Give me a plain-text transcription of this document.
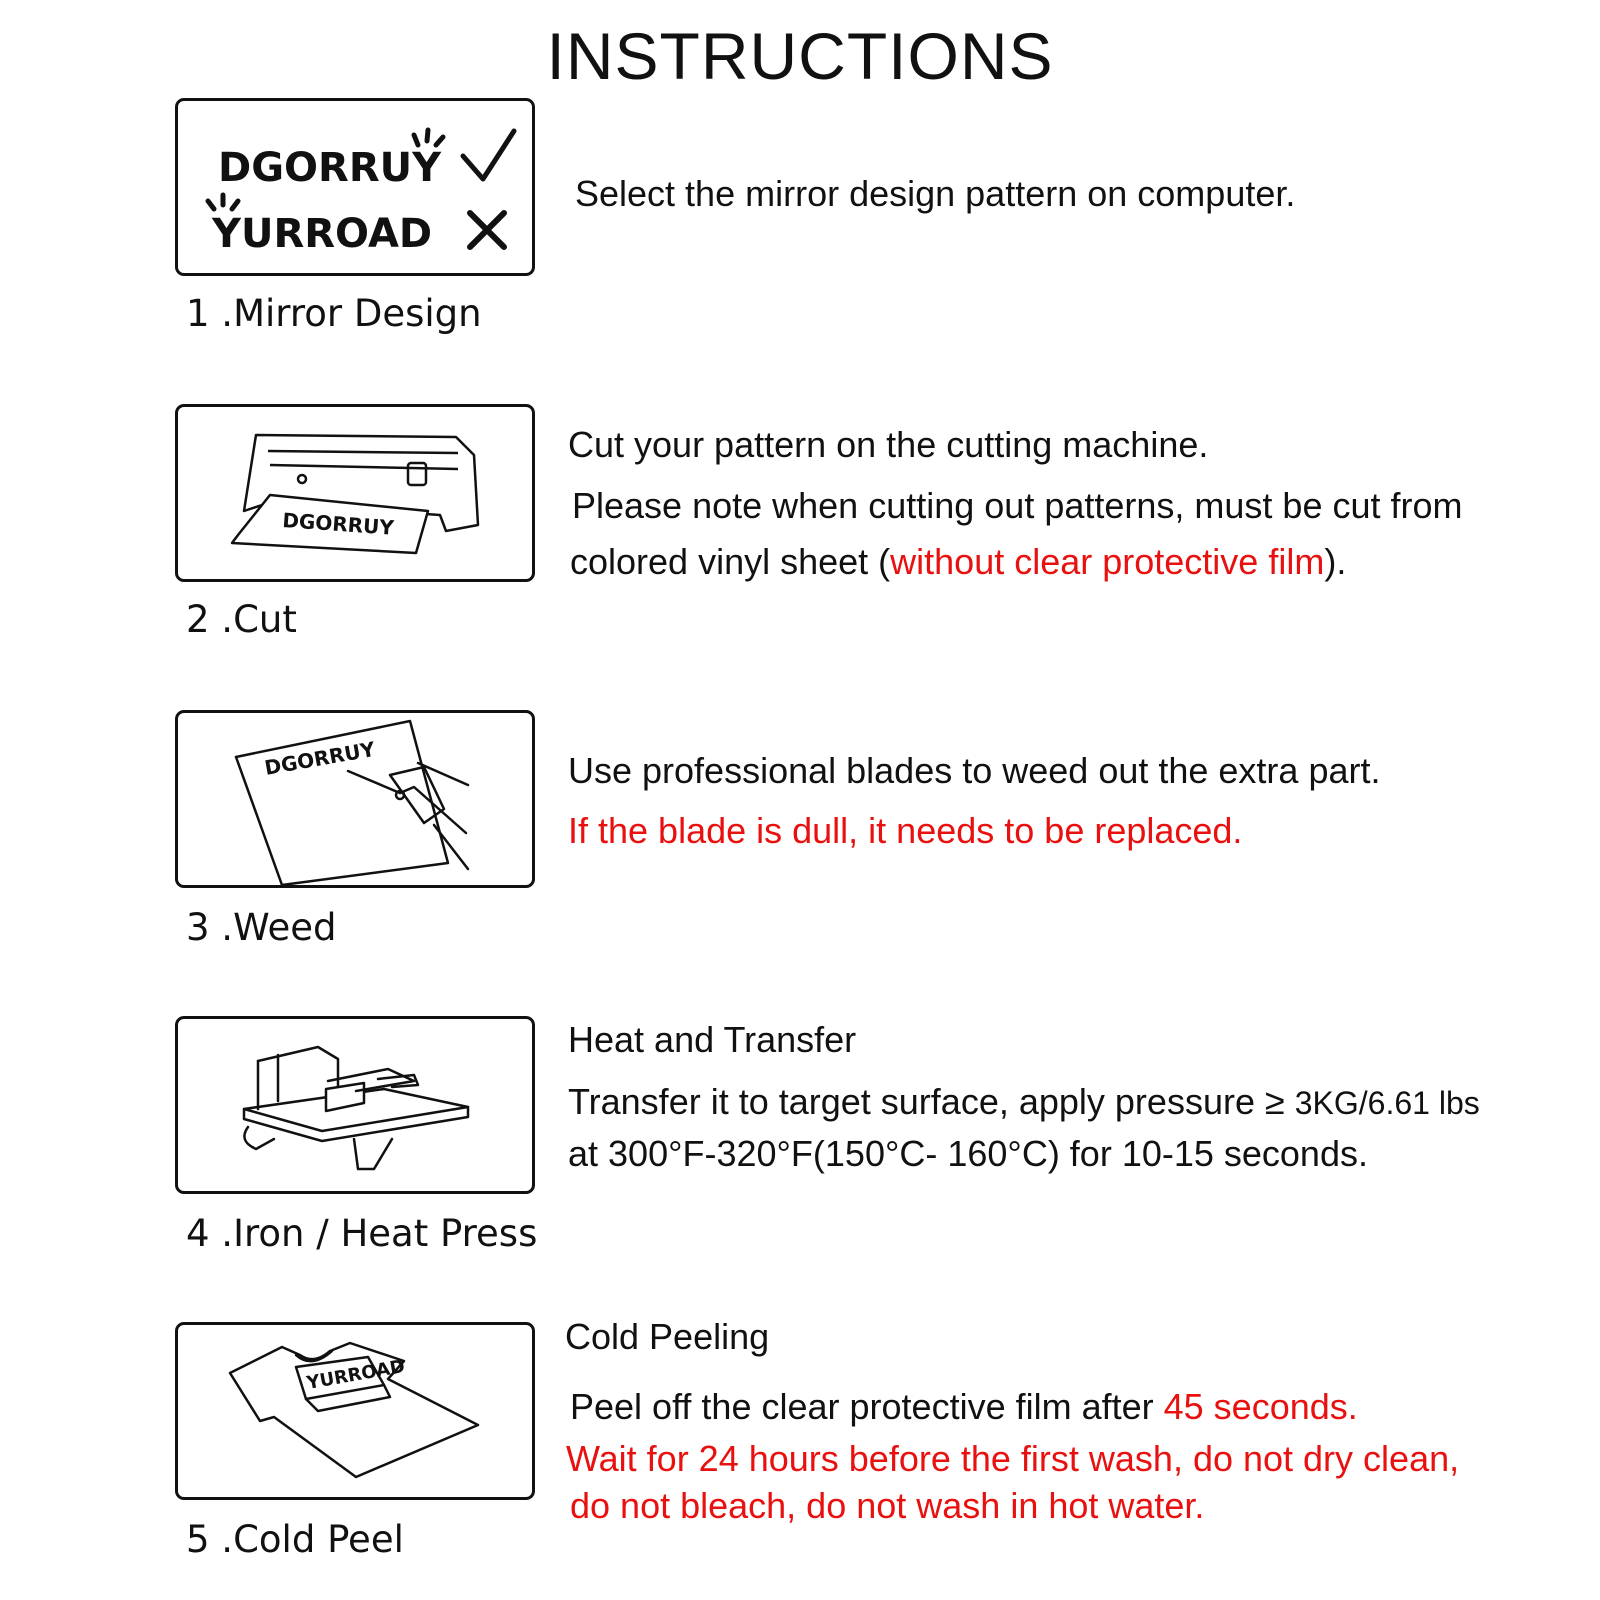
INSTRUCTIONS
DGORRUY
YURROAD
1 .Mirror Design
Select the mirror design pattern on computer.
DGORRUY
2 .Cut
Cut your pattern on the cutting machine.
Please note when cutting out patterns, must be cut from
colored vinyl sheet (without clear protective film).
DGORRUY
3 .Weed
Use professional blades to weed out the extra part.
If the blade is dull, it needs to be replaced.
4 .Iron / Heat Press
Heat and Transfer
Transfer it to target surface, apply pressure ≥ 3KG/6.61 lbs
at 300°F-320°F(150°C- 160°C) for 10-15 seconds.
YURROAD
5 .Cold Peel
Cold Peeling
Peel off the clear protective film after 45 seconds.
Wait for 24 hours before the first wash, do not dry clean,
do not bleach, do not wash in hot water.
